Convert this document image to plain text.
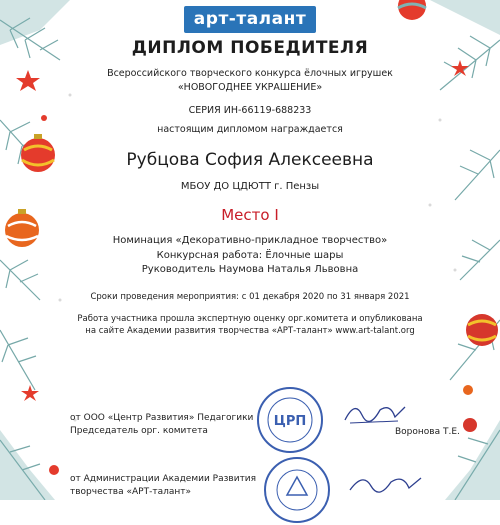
арт-талант
ДИПЛОМ ПОБЕДИТЕЛЯ
Всероссийского творческого конкурса ёлочных игрушек
«НОВОГОДНЕЕ УКРАШЕНИЕ»
СЕРИЯ ИН-66119-688233
настоящим дипломом награждается
Рубцова София Алексеевна
МБОУ ДО ЦДЮТТ г. Пензы
Место I
Номинация «Декоративно-прикладное творчество»
Конкурсная работа: Ёлочные шары
Руководитель Наумова Наталья Львовна
Сроки проведения мероприятия: с 01 декабря 2020 по 31 января 2021
Работа участника прошла экспертную оценку орг.комитета и опубликована
на сайте Академии развития творчества «АРТ-талант» www.art-talant.org
ЦРП
от ООО «Центр Развития» Педагогики
Председатель орг. комитета	Воронова Т.Е.
от Администрации Академии Развития
творчества «АРТ-талант»
